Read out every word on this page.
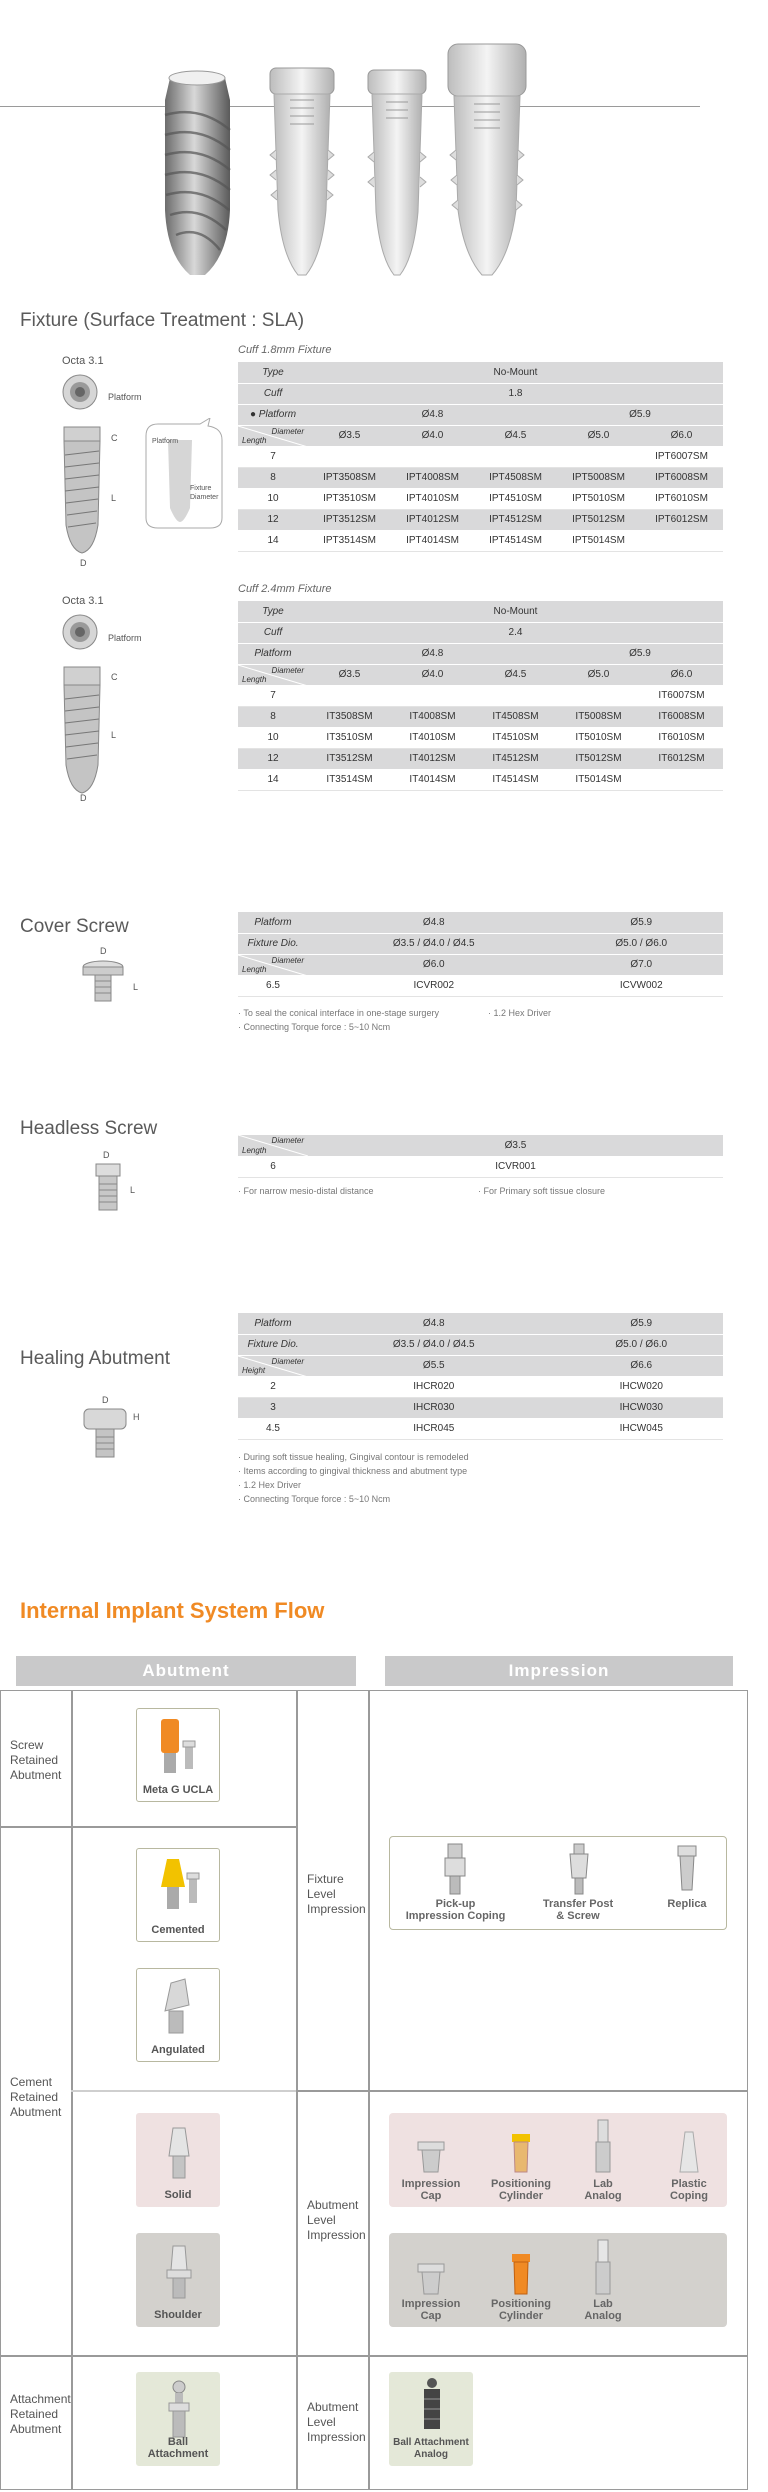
Fixture (Surface Treatment : SLA)
Octa 3.1
Platform
C
L
D
Platform
Fixture
Diameter
Cuff 1.8mm Fixture
Type	No-Mount				
Cuff	1.8				
● Platform	Ø4.8			Ø5.9	

Diameter
Length	Ø3.5	Ø4.0	Ø4.5	Ø5.0	Ø6.0
7					IPT6007SM
8	IPT3508SM	IPT4008SM	IPT4508SM	IPT5008SM	IPT6008SM
10	IPT3510SM	IPT4010SM	IPT4510SM	IPT5010SM	IPT6010SM
12	IPT3512SM	IPT4012SM	IPT4512SM	IPT5012SM	IPT6012SM
14	IPT3514SM	IPT4014SM	IPT4514SM	IPT5014SM	
Octa 3.1
Platform
C
L
D
Cuff 2.4mm Fixture
Type	No-Mount				
Cuff	2.4				
Platform	Ø4.8			Ø5.9	

Diameter
Length	Ø3.5	Ø4.0	Ø4.5	Ø5.0	Ø6.0
7					IT6007SM
8	IT3508SM	IT4008SM	IT4508SM	IT5008SM	IT6008SM
10	IT3510SM	IT4010SM	IT4510SM	IT5010SM	IT6010SM
12	IT3512SM	IT4012SM	IT4512SM	IT5012SM	IT6012SM
14	IT3514SM	IT4014SM	IT4514SM	IT5014SM	
Cover Screw
D
L
Platform	Ø4.8	Ø5.9
Fixture Dio.	Ø3.5 / Ø4.0 / Ø4.5	Ø5.0 / Ø6.0

Diameter
Length	Ø6.0	Ø7.0
6.5	ICVR002	ICVW002
· To seal the conical interface in one-stage surgery
· Connecting Torque force : 5~10 Ncm
· 1.2 Hex Driver
Headless Screw
D
L
Diameter
Length	Ø3.5
6	ICVR001
· For narrow mesio-distal distance	· For Primary soft tissue closure
Healing Abutment
D
H
Platform	Ø4.8	Ø5.9
Fixture Dio.	Ø3.5 / Ø4.0 / Ø4.5	Ø5.0 / Ø6.0

Diameter
Height	Ø5.5	Ø6.6
2	IHCR020	IHCW020
3	IHCR030	IHCW030
4.5	IHCR045	IHCW045
· During soft tissue healing, Gingival contour is remodeled
· Items according to gingival thickness and abutment type
· 1.2 Hex Driver
· Connecting Torque force : 5~10 Ncm
Internal Implant System Flow
Abutment	Impression
Screw
Retained
Abutment
Cement
Retained
Abutment
Attachment
Retained
Abutment
Fixture
Level
Impression
Abutment
Level
Impression
Abutment
Level
Impression
Meta G UCLA
Cemented
Angulated
Solid
Shoulder
Ball Attachment
Pick-up
Impression Coping
Transfer Post
& Screw
Replica
Impression
Cap
Positioning
Cylinder
Lab
Analog
Plastic
Coping
Impression
Cap
Positioning
Cylinder
Lab
Analog
Ball Attachment
Analog
